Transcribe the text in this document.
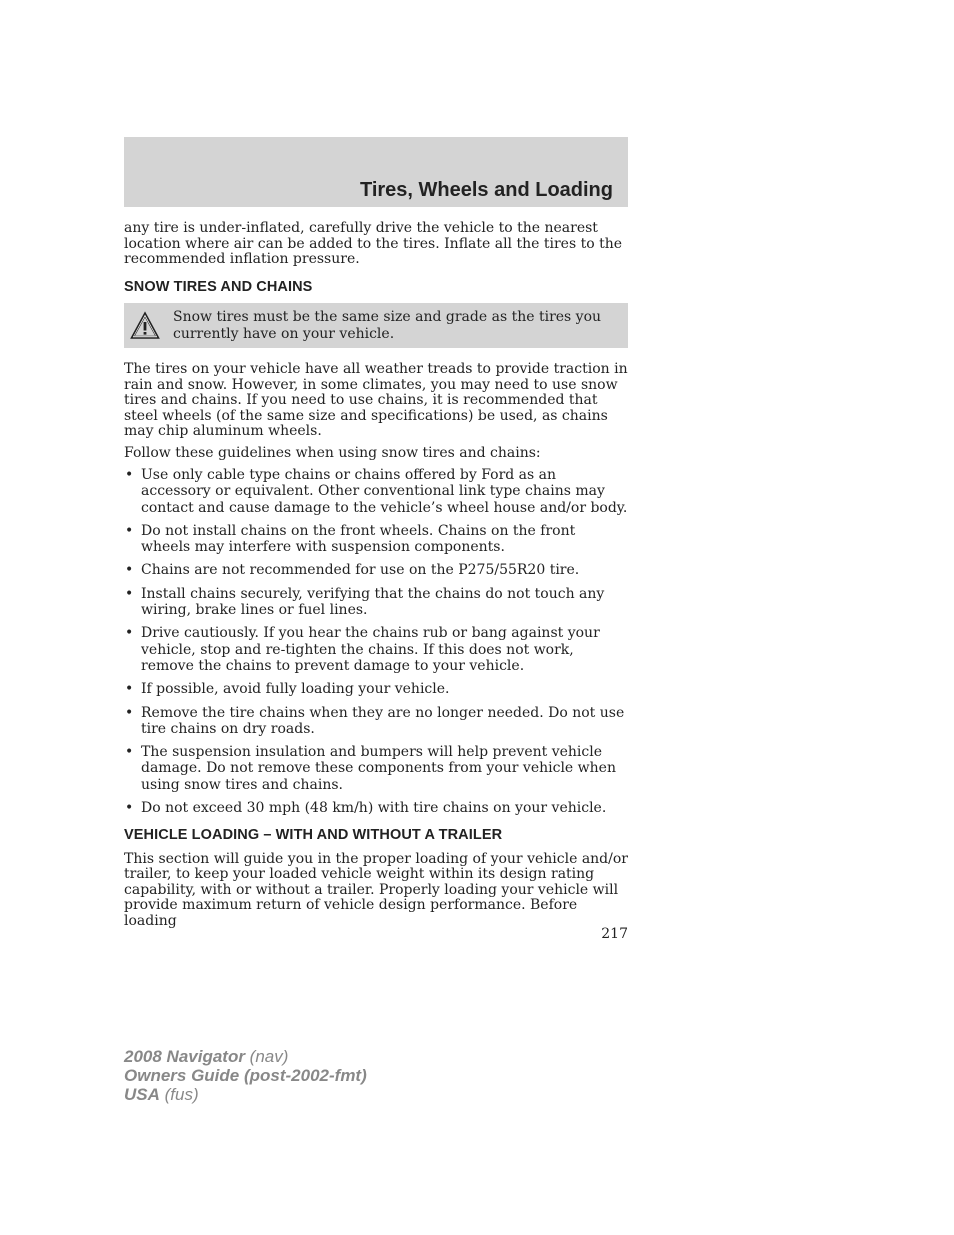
Tires, Wheels and Loading

any tire is under-inflated, carefully drive the vehicle to the nearest location where air can be added to the tires. Inflate all the tires to the recommended inflation pressure.

SNOW TIRES AND CHAINS
Snow tires must be the same size and grade as the tires you currently have on your vehicle.

The tires on your vehicle have all weather treads to provide traction in rain and snow. However, in some climates, you may need to use snow tires and chains. If you need to use chains, it is recommended that steel wheels (of the same size and specifications) be used, as chains may chip aluminum wheels.

Follow these guidelines when using snow tires and chains:

• Use only cable type chains or chains offered by Ford as an accessory or equivalent. Other conventional link type chains may contact and cause damage to the vehicle’s wheel house and/or body.
• Do not install chains on the front wheels. Chains on the front wheels may interfere with suspension components.
• Chains are not recommended for use on the P275/55R20 tire.
• Install chains securely, verifying that the chains do not touch any wiring, brake lines or fuel lines.
• Drive cautiously. If you hear the chains rub or bang against your vehicle, stop and re-tighten the chains. If this does not work, remove the chains to prevent damage to your vehicle.
• If possible, avoid fully loading your vehicle.
• Remove the tire chains when they are no longer needed. Do not use tire chains on dry roads.
• The suspension insulation and bumpers will help prevent vehicle damage. Do not remove these components from your vehicle when using snow tires and chains.
• Do not exceed 30 mph (48 km/h) with tire chains on your vehicle.
VEHICLE LOADING – WITH AND WITHOUT A TRAILER

This section will guide you in the proper loading of your vehicle and/or trailer, to keep your loaded vehicle weight within its design rating capability, with or without a trailer. Properly loading your vehicle will provide maximum return of vehicle design performance. Before loading

217
2008 Navigator (nav)
Owners Guide (post-2002-fmt)
USA (fus)
